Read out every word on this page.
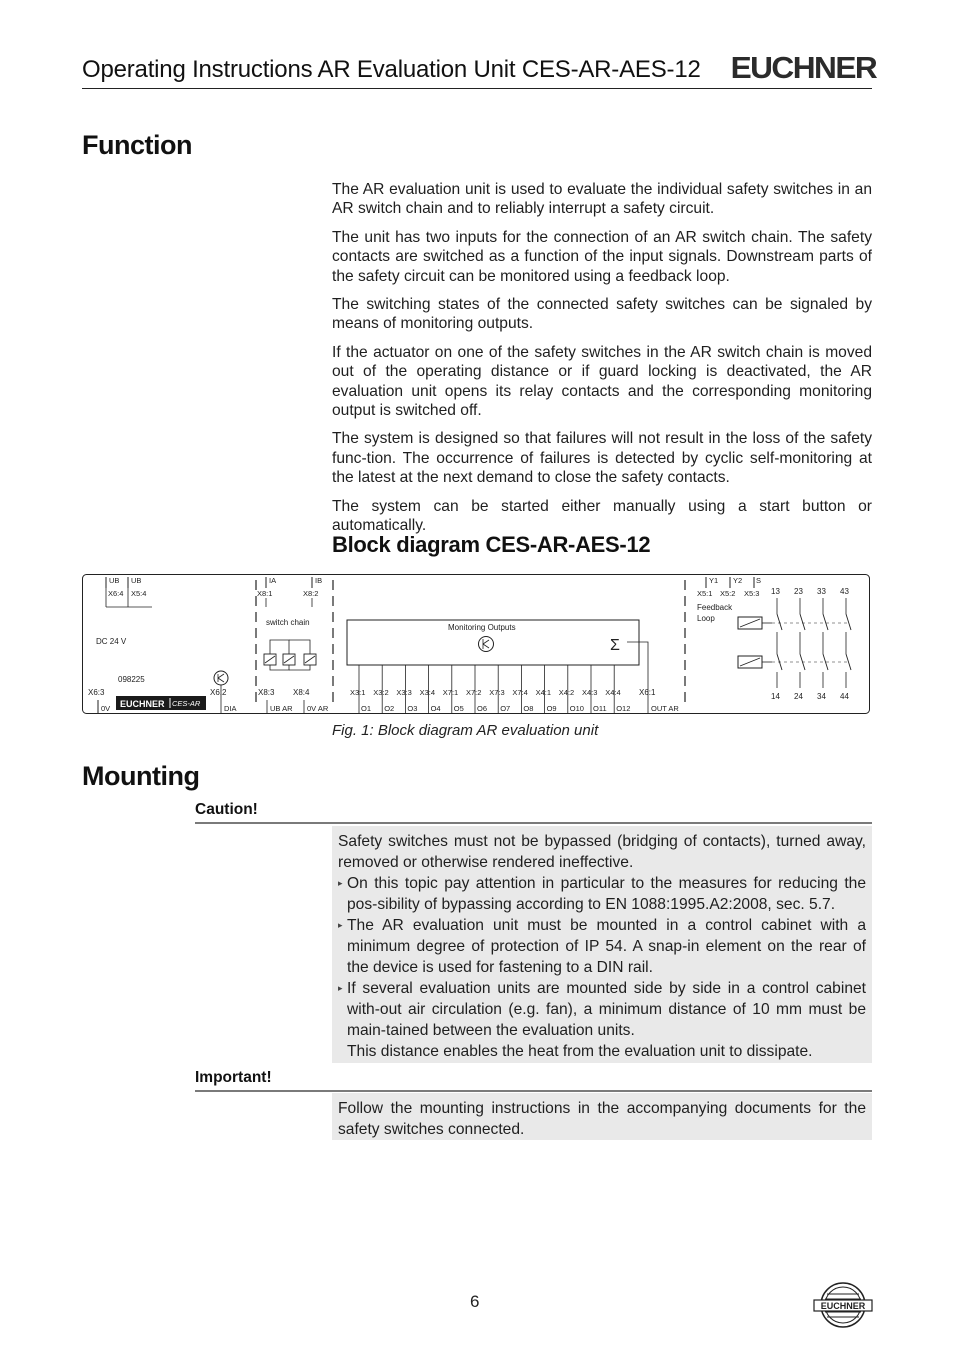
Operating Instructions AR Evaluation Unit CES-AR-AES-12 EUCHNER
Function

The AR evaluation unit is used to evaluate the individual safety switches in an AR switch chain and to reliably interrupt a safety circuit.

The unit has two inputs for the connection of an AR switch chain. The safety contacts are switched as a function of the input signals. Downstream parts of the safety circuit can be monitored using a feedback loop.

The switching states of the connected safety switches can be signaled by means of monitoring outputs.

If the actuator on one of the safety switches in the AR switch chain is moved out of the operating distance or if guard locking is deactivated, the AR evaluation unit opens its relay contacts and the corresponding monitoring output is switched off.

The system is designed so that failures will not result in the loss of the safety func-tion. The occurrence of failures is detected by cyclic self-monitoring at the latest at the next demand to close the safety contacts.

The system can be started either manually using a start button or automatically.

Block diagram CES-AR-AES-12
UB UB
X6:4 X5:4
DC 24 V
098225
X6:3
0V EUCHNER CES-AR
X6:2
DIA
IA	IB
X8:1	X8:2
switch chain
X8:3 X8:4
UB AR 0V AR
Monitoring Outputs
Σ
X3:1
O1
X3:2
O2
X3:3
O3
X3:4
O4
X7:1
O5
X7:2
O6
X7:3
O7
X7:4
O8
X4:1
O9
X4:2
O10
X4:3
O11
X4:4
O12
X6:1
OUT AR
Y1 Y2 S
X5:1 X5:2 X5:3
Feedback
Loop
13
14
23
24
33
34
43
44
Fig. 1: Block diagram AR evaluation unit
Mounting
Caution!

Safety switches must not be bypassed (bridging of contacts), turned away, removed or otherwise rendered ineffective.

▸ On this topic pay attention in particular to the measures for reducing the pos-sibility of bypassing according to EN 1088:1995.A2:2008, sec. 5.7.
▸ The AR evaluation unit must be mounted in a control cabinet with a minimum degree of protection of IP 54. A snap-in element on the rear of the device is used for fastening to a DIN rail.
▸ If several evaluation units are mounted side by side in a control cabinet with-out air circulation (e.g. fan), a minimum distance of 10 mm must be main-tained between the evaluation units.
This distance enables the heat from the evaluation unit to dissipate.
Important!

Follow the mounting instructions in the accompanying documents for the safety switches connected.

6	EUCHNER
